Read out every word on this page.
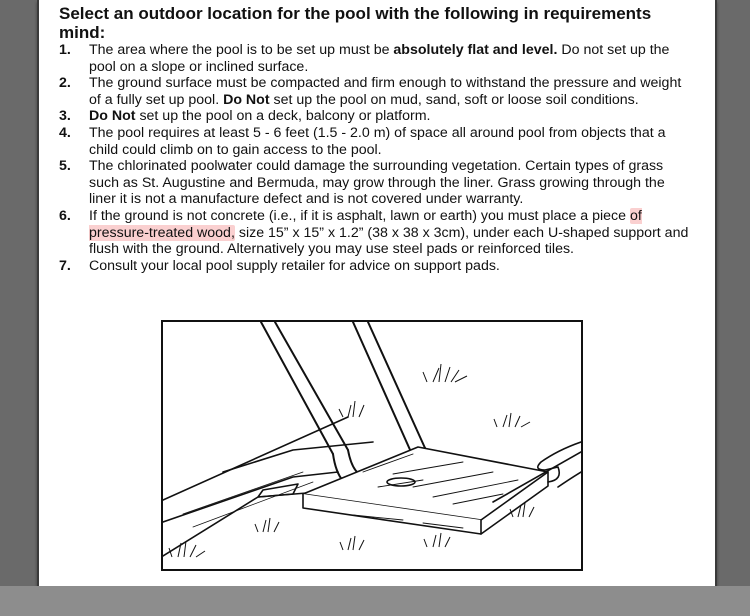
Select an outdoor location for the pool with the following in requirements mind:
1.	The area where the pool is to be set up must be absolutely flat and level. Do not set up the pool on a slope or inclined surface.
2.	The ground surface must be compacted and firm enough to withstand the pressure and weight of a fully set up pool. Do Not set up the pool on mud, sand, soft or loose soil conditions.
3.	Do Not set up the pool on a deck, balcony or platform.
4.	The pool requires at least 5 - 6 feet (1.5 - 2.0 m) of space all around pool from objects that a child could climb on to gain access to the pool.
5.	The chlorinated poolwater could damage the surrounding vegetation. Certain types of grass such as St. Augustine and Bermuda, may grow through the liner. Grass growing through the liner it is not a manufacture defect and is not covered under warranty.
6.	If the ground is not concrete (i.e., if it is asphalt, lawn or earth) you must place a piece of pressure-treated wood, size 15” x 15” x 1.2” (38 x 38 x 3cm), under each U-shaped support and flush with the ground. Alternatively you may use steel pads or reinforced tiles.
7.	Consult your local pool supply retailer for advice on support pads.
